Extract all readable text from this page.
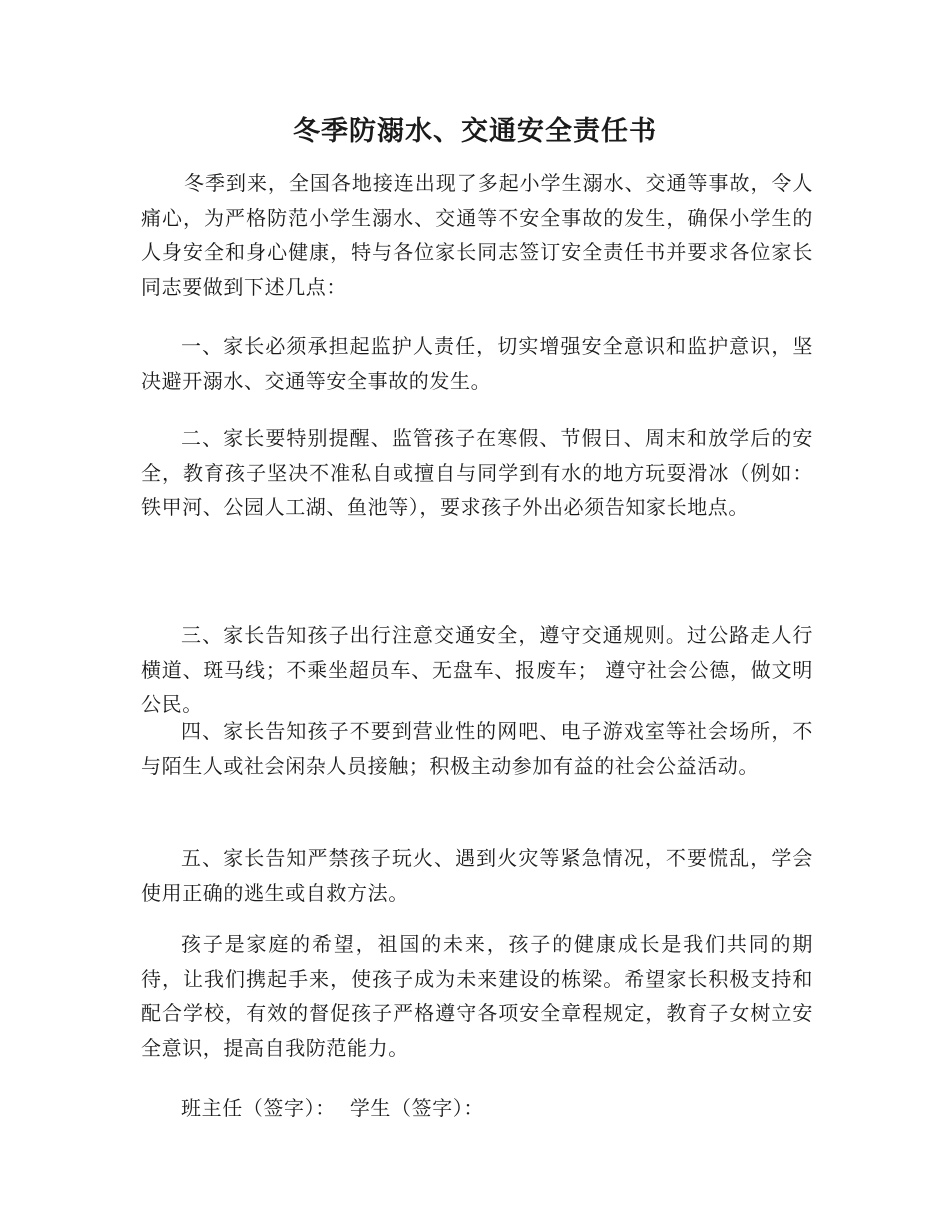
冬季防溺水、交通安全责任书

冬季到来，全国各地接连出现了多起小学生溺水、交通等事故，令人痛心，为严格防范小学生溺水、交通等不安全事故的发生，确保小学生的人身安全和身心健康，特与各位家长同志签订安全责任书并要求各位家长同志要做到下述几点：

一、家长必须承担起监护人责任，切实增强安全意识和监护意识，坚决避开溺水、交通等安全事故的发生。

二、家长要特别提醒、监管孩子在寒假、节假日、周末和放学后的安全，教育孩子坚决不准私自或擅自与同学到有水的地方玩耍滑冰（例如：铁甲河、公园人工湖、鱼池等），要求孩子外出必须告知家长地点。

三、家长告知孩子出行注意交通安全，遵守交通规则。过公路走人行横道、斑马线；不乘坐超员车、无盘车、报废车； 遵守社会公德，做文明公民。

四、家长告知孩子不要到营业性的网吧、电子游戏室等社会场所，不与陌生人或社会闲杂人员接触；积极主动参加有益的社会公益活动。

五、家长告知严禁孩子玩火、遇到火灾等紧急情况，不要慌乱，学会使用正确的逃生或自救方法。

孩子是家庭的希望，祖国的未来，孩子的健康成长是我们共同的期待，让我们携起手来，使孩子成为未来建设的栋梁。希望家长积极支持和配合学校，有效的督促孩子严格遵守各项安全章程规定，教育子女树立安全意识，提高自我防范能力。

班主任（签字）： 学生（签字）：
